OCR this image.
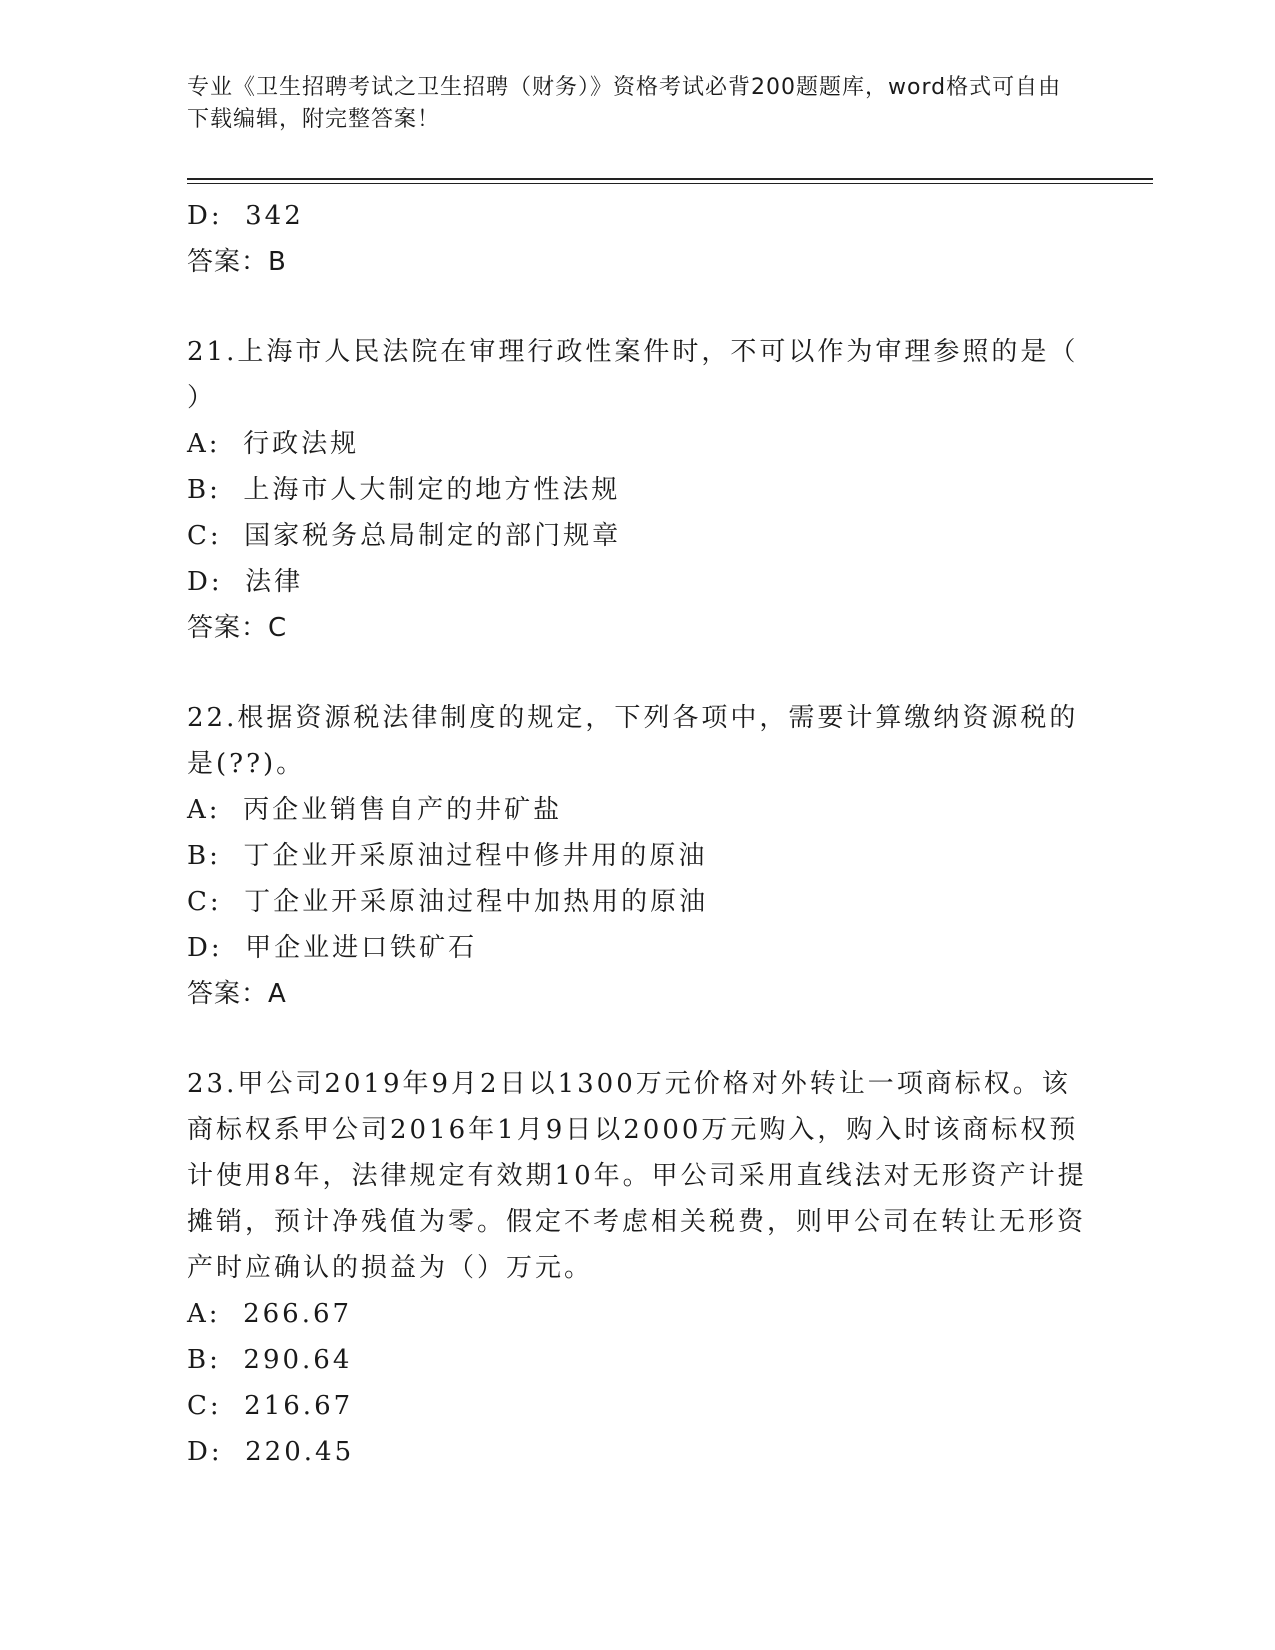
专业《卫生招聘考试之卫生招聘（财务）》资格考试必背200题题库，word格式可自由下载编辑，附完整答案！
D:  342
答案：B
21.上海市人民法院在审理行政性案件时，不可以作为审理参照的是（ ）
A:  行政法规
B:  上海市人大制定的地方性法规
C:  国家税务总局制定的部门规章
D:  法律
答案：C
22.根据资源税法律制度的规定，下列各项中，需要计算缴纳资源税的是(??)。
A:  丙企业销售自产的井矿盐
B:  丁企业开采原油过程中修井用的原油
C:  丁企业开采原油过程中加热用的原油
D:  甲企业进口铁矿石
答案：A
23.甲公司2019年9月2日以1300万元价格对外转让一项商标权。该商标权系甲公司2016年1月9日以2000万元购入，购入时该商标权预计使用8年，法律规定有效期10年。甲公司采用直线法对无形资产计提摊销，预计净残值为零。假定不考虑相关税费，则甲公司在转让无形资产时应确认的损益为（）万元。
A:  266.67
B:  290.64
C:  216.67
D:  220.45
